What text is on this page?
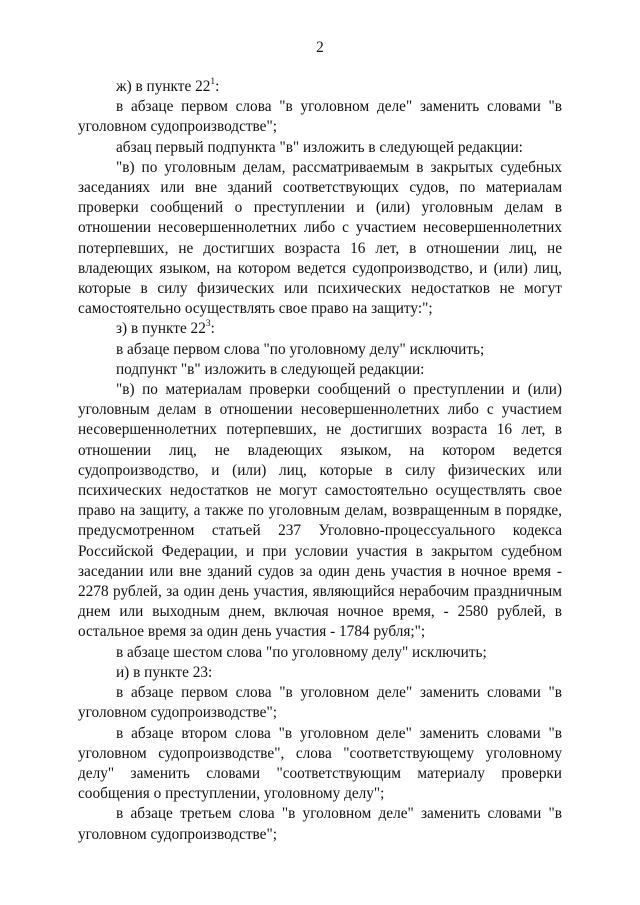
2

ж) в пункте $22^1$:

в абзаце первом слова "в уголовном деле" заменить словами "в уголовном судопроизводстве";

абзац первый подпункта "в" изложить в следующей редакции:

"в) по уголовным делам, рассматриваемым в закрытых судебных заседаниях или вне зданий соответствующих судов, по материалам проверки сообщений о преступлении и (или) уголовным делам в отношении несовершеннолетних либо с участием несовершеннолетних потерпевших, не достигших возраста 16 лет, в отношении лиц, не владеющих языком, на котором ведется судопроизводство, и (или) лиц, которые в силу физических или психических недостатков не могут самостоятельно осуществлять свое право на защиту:";

з) в пункте $22^3$:

в абзаце первом слова "по уголовному делу" исключить;

подпункт "в" изложить в следующей редакции:

"в) по материалам проверки сообщений о преступлении и (или) уголовным делам в отношении несовершеннолетних либо с участием несовершеннолетних потерпевших, не достигших возраста 16 лет, в отношении лиц, не владеющих языком, на котором ведется судопроизводство, и (или) лиц, которые в силу физических или психических недостатков не могут самостоятельно осуществлять свое право на защиту, а также по уголовным делам, возвращенным в порядке, предусмотренном статьей 237 Уголовно-процессуального кодекса Российской Федерации, и при условии участия в закрытом судебном заседании или вне зданий судов за один день участия в ночное время - 2278 рублей, за один день участия, являющийся нерабочим праздничным днем или выходным днем, включая ночное время, - 2580 рублей, в остальное время за один день участия - 1784 рубля;";

в абзаце шестом слова "по уголовному делу" исключить;

и) в пункте 23:

в абзаце первом слова "в уголовном деле" заменить словами "в уголовном судопроизводстве";

в абзаце втором слова "в уголовном деле" заменить словами "в уголовном судопроизводстве", слова "соответствующему уголовному делу" заменить словами "соответствующим материалу проверки сообщения о преступлении, уголовному делу";

в абзаце третьем слова "в уголовном деле" заменить словами "в уголовном судопроизводстве";
